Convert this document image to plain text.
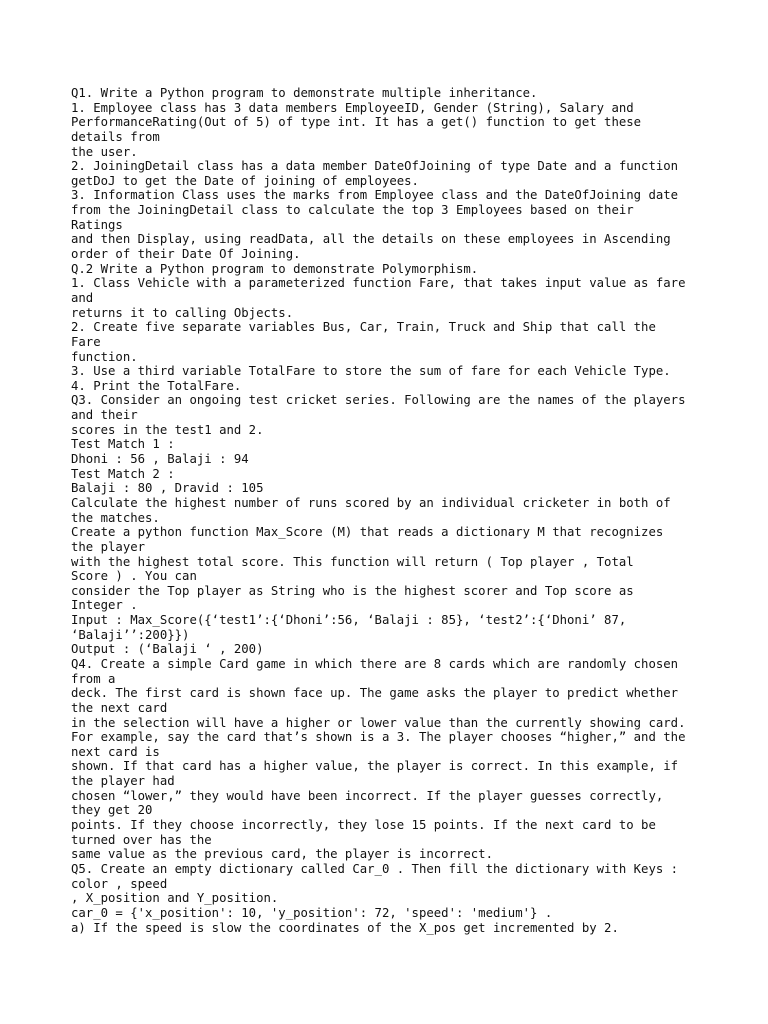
Q1. Write a Python program to demonstrate multiple inheritance.
1. Employee class has 3 data members EmployeeID, Gender (String), Salary and
PerformanceRating(Out of 5) of type int. It has a get() function to get these
details from
the user.
2. JoiningDetail class has a data member DateOfJoining of type Date and a function
getDoJ to get the Date of joining of employees.
3. Information Class uses the marks from Employee class and the DateOfJoining date
from the JoiningDetail class to calculate the top 3 Employees based on their
Ratings
and then Display, using readData, all the details on these employees in Ascending
order of their Date Of Joining.
Q.2 Write a Python program to demonstrate Polymorphism.
1. Class Vehicle with a parameterized function Fare, that takes input value as fare
and
returns it to calling Objects.
2. Create five separate variables Bus, Car, Train, Truck and Ship that call the
Fare
function.
3. Use a third variable TotalFare to store the sum of fare for each Vehicle Type.
4. Print the TotalFare.
Q3. Consider an ongoing test cricket series. Following are the names of the players
and their
scores in the test1 and 2.
Test Match 1 :
Dhoni : 56 , Balaji : 94
Test Match 2 :
Balaji : 80 , Dravid : 105
Calculate the highest number of runs scored by an individual cricketer in both of
the matches.
Create a python function Max_Score (M) that reads a dictionary M that recognizes
the player
with the highest total score. This function will return ( Top player , Total
Score ) . You can
consider the Top player as String who is the highest scorer and Top score as
Integer .
Input : Max_Score({‘test1’:{‘Dhoni’:56, ‘Balaji : 85}, ‘test2’:{‘Dhoni’ 87,
‘Balaji’’:200}})
Output : (‘Balaji ‘ , 200)
Q4. Create a simple Card game in which there are 8 cards which are randomly chosen
from a
deck. The first card is shown face up. The game asks the player to predict whether
the next card
in the selection will have a higher or lower value than the currently showing card.
For example, say the card that’s shown is a 3. The player chooses “higher,” and the
next card is
shown. If that card has a higher value, the player is correct. In this example, if
the player had
chosen “lower,” they would have been incorrect. If the player guesses correctly,
they get 20
points. If they choose incorrectly, they lose 15 points. If the next card to be
turned over has the
same value as the previous card, the player is incorrect.
Q5. Create an empty dictionary called Car_0 . Then fill the dictionary with Keys :
color , speed
, X_position and Y_position.
car_0 = {'x_position': 10, 'y_position': 72, 'speed': 'medium'} .
a) If the speed is slow the coordinates of the X_pos get incremented by 2.
